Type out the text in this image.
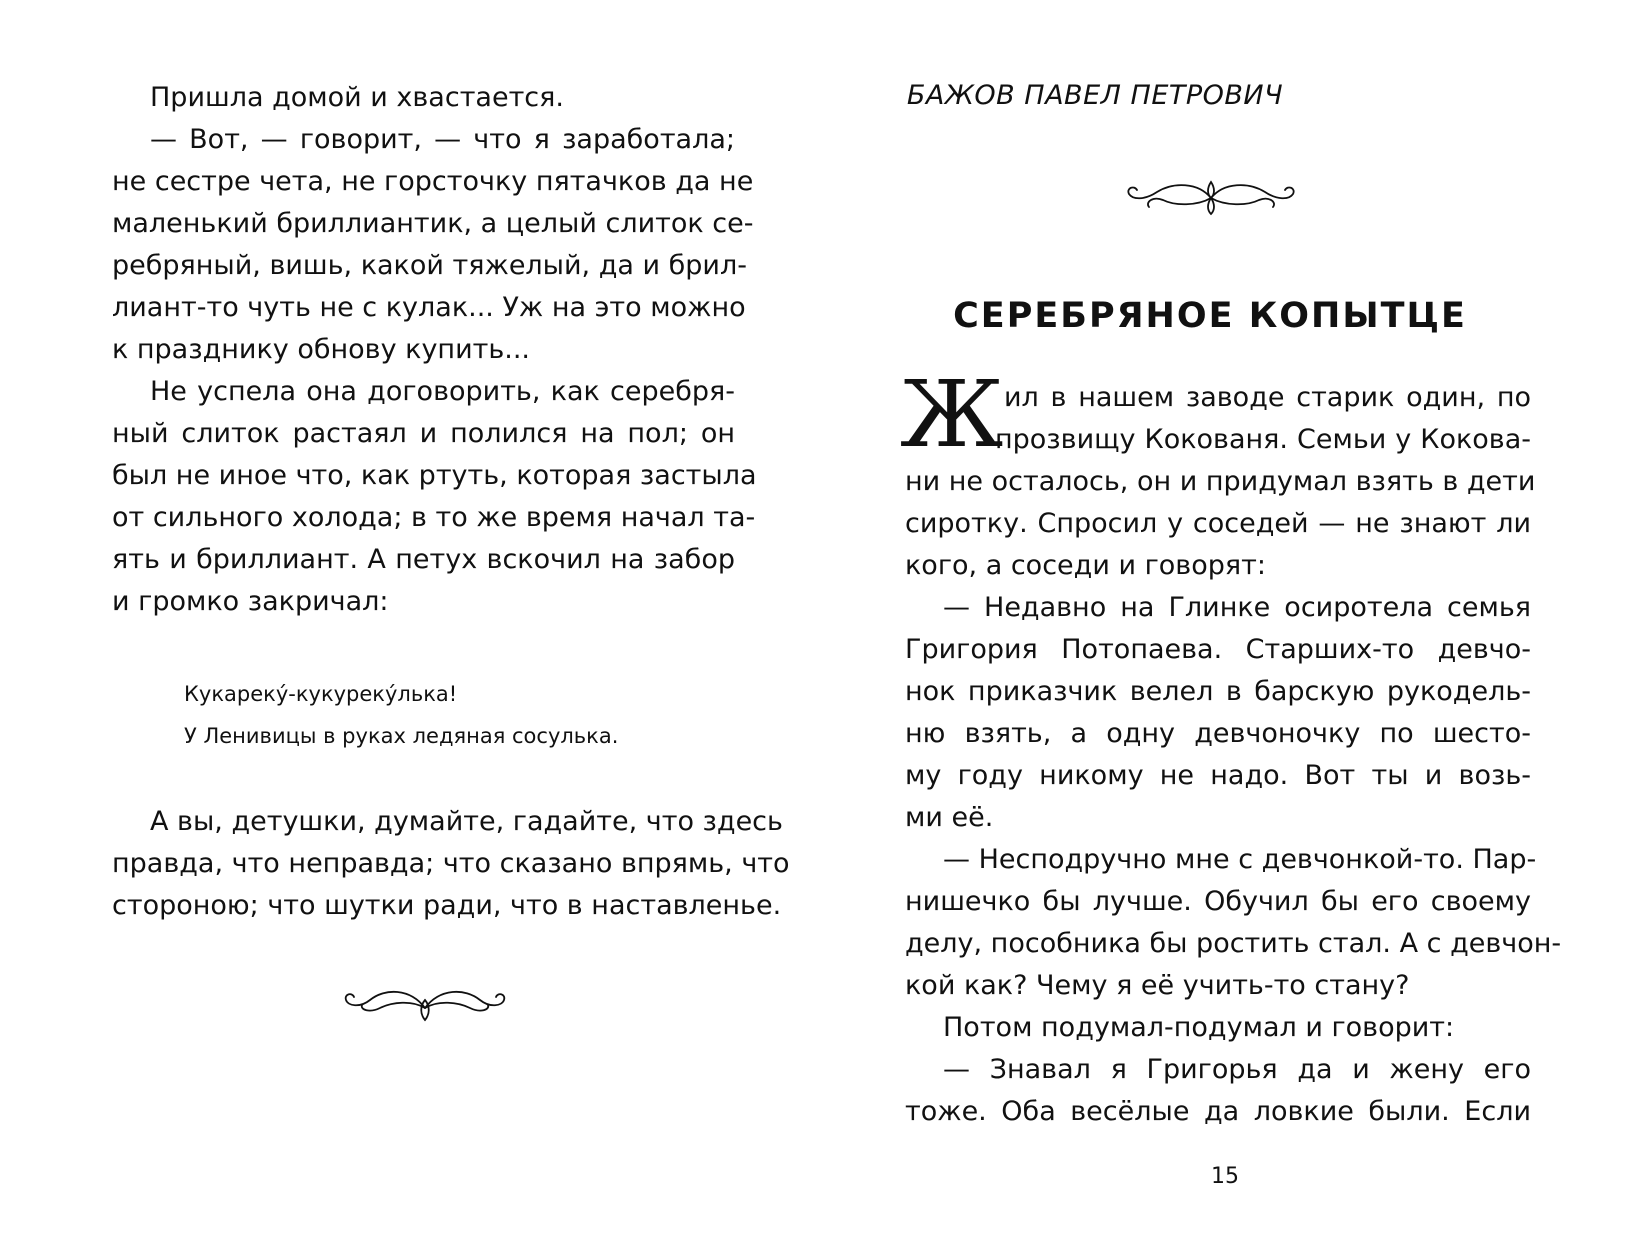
Пришла домой и хвастается.
— Вот, — говорит, — что я заработала;
не сестре чета, не горсточку пятачков да не
маленький бриллиантик, а целый слиток се-
ребряный, вишь, какой тяжелый, да и брил-
лиант-то чуть не с кулак... Уж на это можно
к празднику обнову купить...
Не успела она договорить, как серебря-
ный слиток растаял и полился на пол; он
был не иное что, как ртуть, которая застыла
от сильного холода; в то же время начал та-
ять и бриллиант. А петух вскочил на забор
и громко закричал:
Кукареку́-кукуреку́лька!
У Ленивицы в руках ледяная сосулька.
А вы, детушки, думайте, гадайте, что здесь
правда, что неправда; что сказано впрямь, что
стороною; что шутки ради, что в наставленье.
БАЖОВ ПАВЕЛ ПЕТРОВИЧ
СЕРЕБРЯНОЕ КОПЫТЦЕ
Ж ил в нашем заводе старик один, по
прозвищу Кокованя. Семьи у Кокова-
ни не осталось, он и придумал взять в дети
сиротку. Спросил у соседей — не знают ли
кого, а соседи и говорят:
— Недавно на Глинке осиротела семья
Григория Потопаева. Старших-то девчо-
нок приказчик велел в барскую рукодель-
ню взять, а одну девчоночку по шесто-
му году никому не надо. Вот ты и возь-
ми её.
— Несподручно мне с девчонкой-то. Пар-
нишечко бы лучше. Обучил бы его своему
делу, пособника бы ростить стал. А с девчон-
кой как? Чему я её учить-то стану?
Потом подумал-подумал и говорит:
— Знавал я Григорья да и жену его
тоже. Оба весёлые да ловкие были. Если
15
